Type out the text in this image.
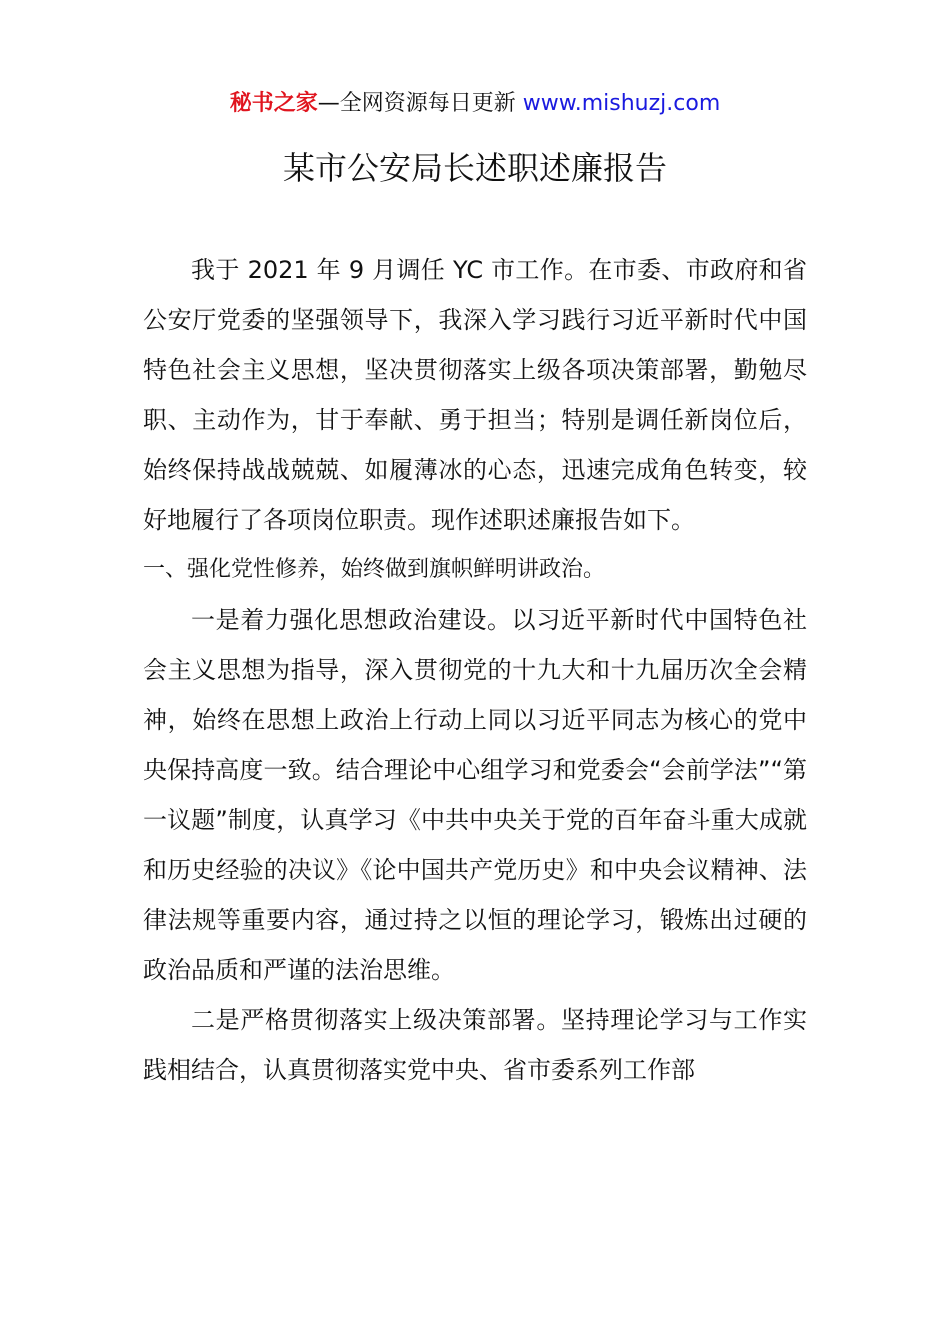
秘书之家—全网资源每日更新 www.mishuzj.com
某市公安局长述职述廉报告

我于 2021 年 9 月调任 YC 市工作。在市委、市政府和省公安厅党委的坚强领导下，我深入学习践行习近平新时代中国特色社会主义思想，坚决贯彻落实上级各项决策部署，勤勉尽职、主动作为，甘于奉献、勇于担当；特别是调任新岗位后，始终保持战战兢兢、如履薄冰的心态，迅速完成角色转变，较好地履行了各项岗位职责。现作述职述廉报告如下。

一、强化党性修养，始终做到旗帜鲜明讲政治。

一是着力强化思想政治建设。以习近平新时代中国特色社会主义思想为指导，深入贯彻党的十九大和十九届历次全会精神，始终在思想上政治上行动上同以习近平同志为核心的党中央保持高度一致。结合理论中心组学习和党委会“会前学法”“第一议题”制度，认真学习《中共中央关于党的百年奋斗重大成就和历史经验的决议》《论中国共产党历史》和中央会议精神、法律法规等重要内容，通过持之以恒的理论学习，锻炼出过硬的政治品质和严谨的法治思维。

二是严格贯彻落实上级决策部署。坚持理论学习与工作实践相结合，认真贯彻落实党中央、省市委系列工作部
